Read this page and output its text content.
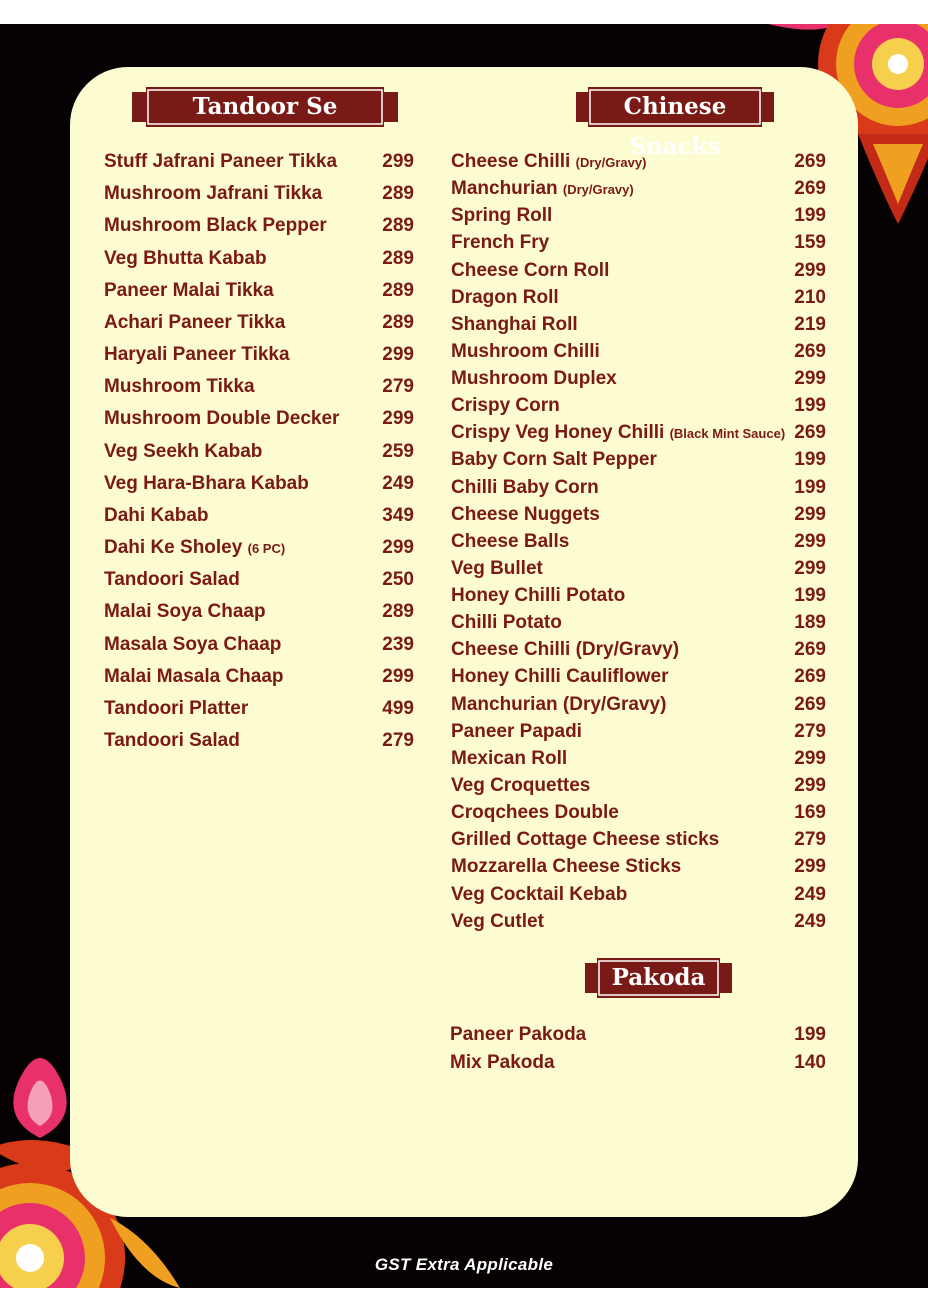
Tandoor Se	Chinese Snacks
Pakoda
Stuff Jafrani Paneer Tikka 299
Mushroom Jafrani Tikka	289
Mushroom Black Pepper	289
Veg Bhutta Kabab	289
Paneer Malai Tikka	289
Achari Paneer Tikka	289
Haryali Paneer Tikka	299
Mushroom Tikka	279
Mushroom Double Decker 299
Veg Seekh Kabab	259
Veg Hara-Bhara Kabab	249
Dahi Kabab	349
Dahi Ke Sholey (6 PC)	299
Tandoori Salad	250
Malai Soya Chaap	289
Masala Soya Chaap	239
Malai Masala Chaap	299
Tandoori Platter	499
Tandoori Salad	279
Cheese Chilli (Dry/Gravy)	269
Manchurian (Dry/Gravy)	269
Spring Roll	199
French Fry	159
Cheese Corn Roll	299
Dragon Roll	210
Shanghai Roll	219
Mushroom Chilli	269
Mushroom Duplex	299
Crispy Corn	199
Crispy Veg Honey Chilli (Black Mint Sauce) 269
Baby Corn Salt Pepper	199
Chilli Baby Corn	199
Cheese Nuggets	299
Cheese Balls	299
Veg Bullet	299
Honey Chilli Potato	199
Chilli Potato	189
Cheese Chilli (Dry/Gravy)	269
Honey Chilli Cauliflower	269
Manchurian (Dry/Gravy)	269
Paneer Papadi	279
Mexican Roll	299
Veg Croquettes	299
Croqchees Double	169
Grilled Cottage Cheese sticks	279
Mozzarella Cheese Sticks	299
Veg Cocktail Kebab	249
Veg Cutlet	249
Paneer Pakoda	199
Mix Pakoda	140
GST Extra Applicable
